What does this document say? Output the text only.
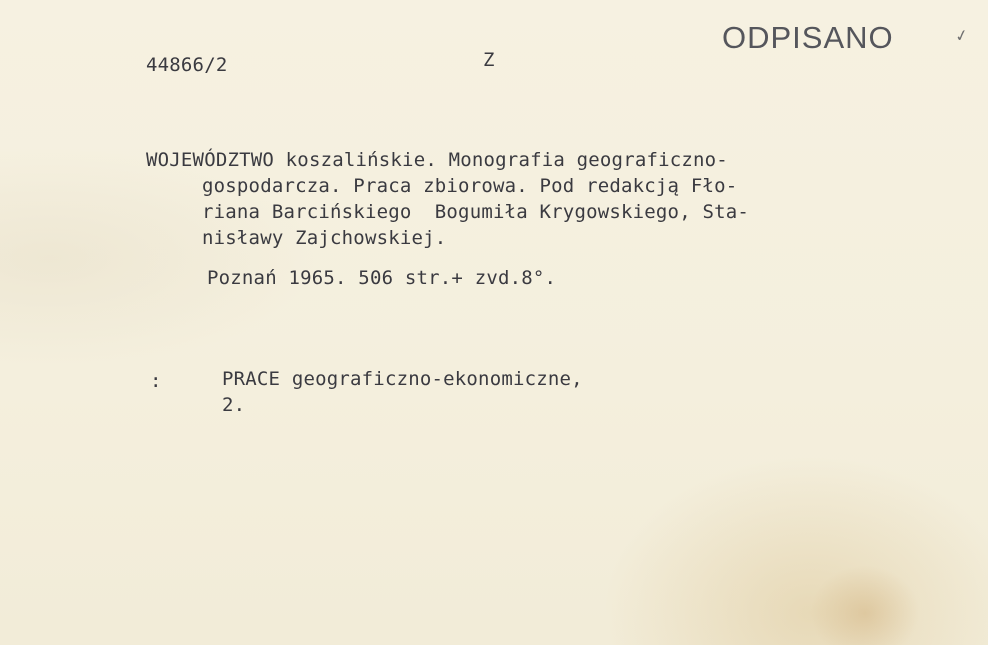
44866/2	Z
ODPISANO	✓
WOJEWÓDZTWO koszalińskie. Monografia geograficzno-
gospodarcza. Praca zbiorowa. Pod redakcją Fło-
riana Barcińskiego  Bogumiła Krygowskiego, Sta-
nisławy Zajchowskiej.
Poznań 1965. 506 str.+ zvd.8°.
:	PRACE geograficzno-ekonomiczne,
2.
